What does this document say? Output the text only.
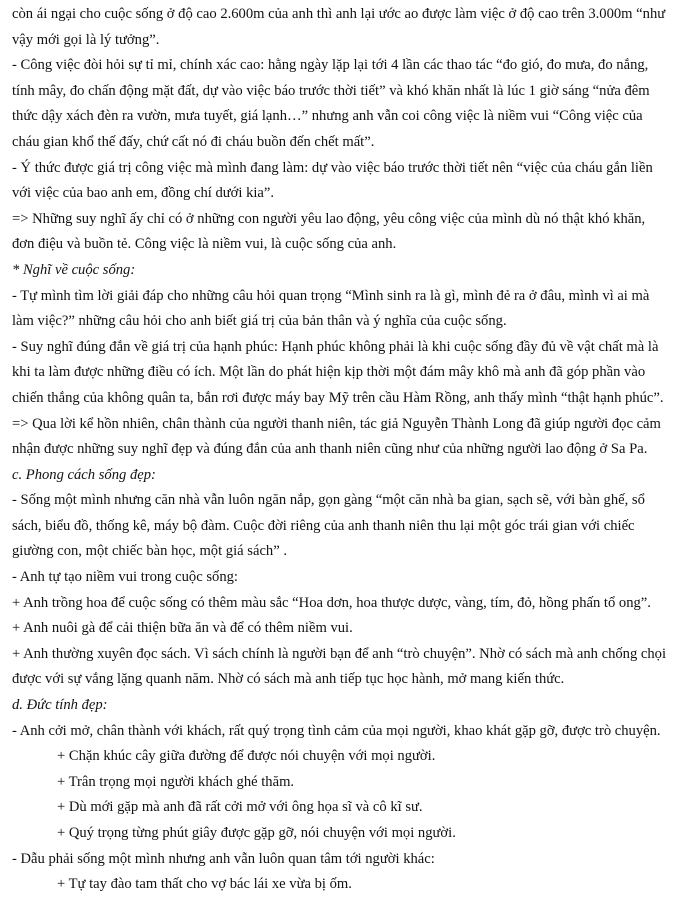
còn ái ngại cho cuộc sống ở độ cao 2.600m của anh thì anh lại ước ao được làm việc ở độ cao trên 3.000m “như
vậy mới gọi là lý tưởng”.
- Công việc đòi hỏi sự tỉ mỉ, chính xác cao: hằng ngày lặp lại tới 4 lần các thao tác “đo gió, đo mưa, đo nắng,
tính mây, đo chấn động mặt đất, dự vào việc báo trước thời tiết” và khó khăn nhất là lúc 1 giờ sáng “nửa đêm
thức dậy xách đèn ra vườn, mưa tuyết, giá lạnh…” nhưng anh vẫn coi công việc là niềm vui “Công việc của
cháu gian khổ thế đấy, chứ cất nó đi cháu buồn đến chết mất”.
- Ý thức được giá trị công việc mà mình đang làm: dự vào việc báo trước thời tiết nên “việc của cháu gắn liền
với việc của bao anh em, đồng chí dưới kia”.
=> Những suy nghĩ ấy chỉ có ở những con người yêu lao động, yêu công việc của mình dù nó thật khó khăn,
đơn điệu và buồn tẻ. Công việc là niềm vui, là cuộc sống của anh.
* Nghĩ về cuộc sống:
- Tự mình tìm lời giải đáp cho những câu hỏi quan trọng “Mình sinh ra là gì, mình đẻ ra ở đâu, mình vì ai mà
làm việc?” những câu hỏi cho anh biết giá trị của bản thân và ý nghĩa của cuộc sống.
- Suy nghĩ đúng đắn về giá trị của hạnh phúc: Hạnh phúc không phải là khi cuộc sống đầy đủ về vật chất mà là
khi ta làm được những điều có ích. Một lần do phát hiện kịp thời một đám mây khô mà anh đã góp phần vào
chiến thắng của không quân ta, bắn rơi được máy bay Mỹ trên cầu Hàm Rồng, anh thấy mình “thật hạnh phúc”.
=> Qua lời kể hồn nhiên, chân thành của người thanh niên, tác giả Nguyễn Thành Long đã giúp người đọc cảm
nhận được những suy nghĩ đẹp và đúng đắn của anh thanh niên cũng như của những người lao động ở Sa Pa.
c. Phong cách sống đẹp:
- Sống một mình nhưng căn nhà vẫn luôn ngăn nắp, gọn gàng “một căn nhà ba gian, sạch sẽ, với bàn ghế, sổ
sách, biểu đồ, thống kê, máy bộ đàm. Cuộc đời riêng của anh thanh niên thu lại một góc trái gian với chiếc
giường con, một chiếc bàn học, một giá sách” .
- Anh tự tạo niềm vui trong cuộc sống:
+ Anh trồng hoa để cuộc sống có thêm màu sắc “Hoa dơn, hoa thược dược, vàng, tím, đỏ, hồng phấn tổ ong”.
+ Anh nuôi gà để cải thiện bữa ăn và để có thêm niềm vui.
+ Anh thường xuyên đọc sách. Vì sách chính là người bạn để anh “trò chuyện”. Nhờ có sách mà anh chống chọi
được với sự vắng lặng quanh năm. Nhờ có sách mà anh tiếp tục học hành, mở mang kiến thức.
d. Đức tính đẹp:
- Anh cởi mở, chân thành với khách, rất quý trọng tình cảm của mọi người, khao khát gặp gỡ, được trò chuyện.
+ Chặn khúc cây giữa đường để được nói chuyện với mọi người.
+ Trân trọng mọi người khách ghé thăm.
+ Dù mới gặp mà anh đã rất cởi mở với ông họa sĩ và cô kĩ sư.
+ Quý trọng từng phút giây được gặp gỡ, nói chuyện với mọi người.
- Dẫu phải sống một mình nhưng anh vẫn luôn quan tâm tới người khác:
+ Tự tay đào tam thất cho vợ bác lái xe vừa bị ốm.
